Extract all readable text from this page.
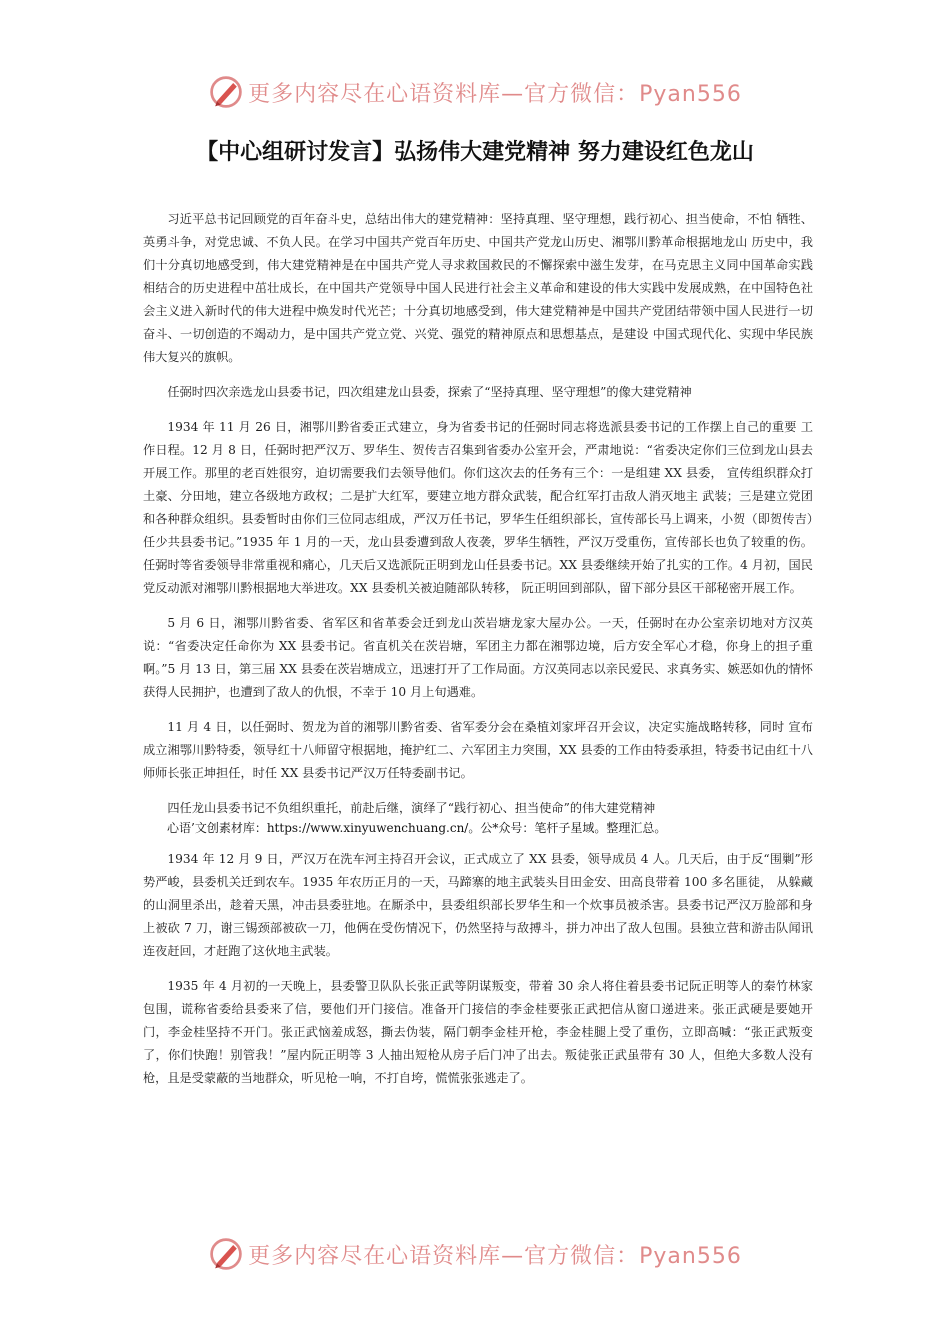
更多内容尽在心语资料库—官方微信：Pyan556
【中心组研讨发言】弘扬伟大建党精神 努力建设红色龙山

习近平总书记回顾党的百年奋斗史，总结出伟大的建党精神：坚持真理、坚守理想，践行初心、担当使命，不怕 牺牲、英勇斗争，对党忠诚、不负人民。在学习中国共产党百年历史、中国共产党龙山历史、湘鄂川黔革命根据地龙山 历史中，我们十分真切地感受到，伟大建党精神是在中国共产党人寻求救国救民的不懈探索中滋生发芽，在马克思主义同中国革命实践相结合的历史进程中茁壮成长，在中国共产党领导中国人民进行社会主义革命和建设的伟大实践中发展成熟，在中国特色社会主义进入新时代的伟大进程中焕发时代光芒；十分真切地感受到，伟大建党精神是中国共产党团结带领中国人民进行一切奋斗、一切创造的不竭动力，是中国共产党立党、兴党、强党的精神原点和思想基点，是建设 中国式现代化、实现中华民族伟大复兴的旗帜。

任弼时四次亲选龙山县委书记，四次组建龙山县委，探索了“坚持真理、坚守理想”的像大建党精神

1934 年 11 月 26 日，湘鄂川黔省委正式建立，身为省委书记的任弼时同志将选派县委书记的工作摆上自己的重要 工作日程。12 月 8 日，任弼时把严汉万、罗华生、贺传吉召集到省委办公室开会，严肃地说：“省委决定你们三位到龙山县去开展工作。那里的老百姓很穷，迫切需要我们去领导他们。你们这次去的任务有三个：一是组建 XX 县委， 宣传组织群众打土豪、分田地，建立各级地方政权；二是扩大红军，要建立地方群众武装，配合红军打击敌人消灭地主 武装；三是建立党团和各种群众组织。县委暂时由你们三位同志组成，严汉万任书记，罗华生任组织部长，宣传部长马上调来，小贺（即贺传吉）任少共县委书记。”1935 年 1 月的一天，龙山县委遭到敌人夜袭，罗华生牺牲，严汉万受重伤，宣传部长也负了较重的伤。任弼时等省委领导非常重视和痛心，几天后又选派阮正明到龙山任县委书记。XX 县委继续开始了扎实的工作。4 月初，国民党反动派对湘鄂川黔根据地大举进攻。XX 县委机关被迫随部队转移， 阮正明回到部队，留下部分县区干部秘密开展工作。

5 月 6 日，湘鄂川黔省委、省军区和省革委会迁到龙山茨岩塘龙家大屋办公。一天，任弼时在办公室亲切地对方汉英说：“省委决定任命你为 XX 县委书记。省直机关在茨岩塘，军团主力都在湘鄂边境，后方安全军心才稳，你身上的担子重啊。”5 月 13 日，第三届 XX 县委在茨岩塘成立，迅速打开了工作局面。方汉英同志以亲民爱民、求真务实、嫉恶如仇的情怀获得人民拥护，也遭到了敌人的仇恨，不幸于 10 月上旬遇难。

11 月 4 日，以任弼时、贺龙为首的湘鄂川黔省委、省军委分会在桑植刘家坪召开会议，决定实施战略转移，同时 宣布成立湘鄂川黔特委，领导红十八师留守根据地，掩护红二、六军团主力突围，XX 县委的工作由特委承担，特委书记由红十八师师长张正坤担任，时任 XX 县委书记严汉万任特委副书记。

四任龙山县委书记不负组织重托，前赴后继，演绎了“践行初心、担当使命”的伟大建党精神

心语’文创素材库：https://www.xinyuwenchuang.cn/。公*众号：笔杆子星域。整理汇总。

1934 年 12 月 9 日，严汉万在洗车河主持召开会议，正式成立了 XX 县委，领导成员 4 人。几天后，由于反“围剿”形势严峻，县委机关迁到农车。1935 年农历正月的一天，马蹄寨的地主武装头目田金安、田高良带着 100 多名匪徒， 从躲藏的山洞里杀出，趁着天黑，冲击县委驻地。在厮杀中，县委组织部长罗华生和一个炊事员被杀害。县委书记严汉万脸部和身上被砍 7 刀，谢三锡颈部被砍一刀，他俩在受伤情况下，仍然坚持与敌搏斗，拼力冲出了敌人包围。县独立营和游击队闻讯连夜赶回，才赶跑了这伙地主武装。

1935 年 4 月初的一天晚上，县委警卫队队长张正武等阴谋叛变，带着 30 余人将住着县委书记阮正明等人的秦竹林家包围，谎称省委给县委来了信，要他们开门接信。准备开门接信的李金桂要张正武把信从窗口递进来。张正武硬是要她开门，李金桂坚持不开门。张正武恼羞成怒，撕去伪装，隔门朝李金桂开枪，李金桂腿上受了重伤，立即高喊：“张正武叛变了，你们快跑！别管我！”屋内阮正明等 3 人抽出短枪从房子后门冲了出去。叛徒张正武虽带有 30 人，但绝大多数人没有枪，且是受蒙蔽的当地群众，听见枪一响，不打自垮，慌慌张张逃走了。

更多内容尽在心语资料库—官方微信：Pyan556
